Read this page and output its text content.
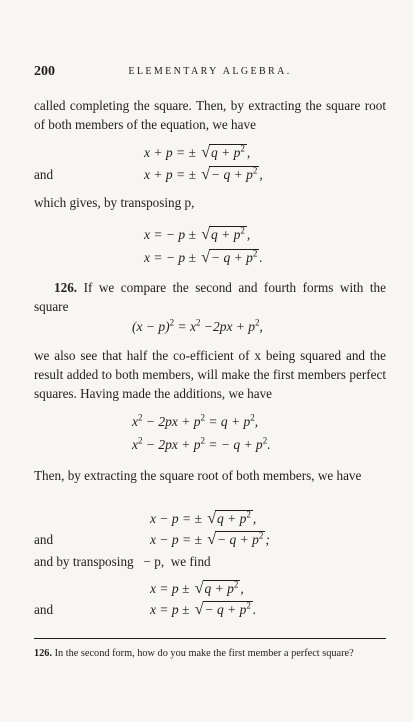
200	ELEMENTARY ALGEBRA.
called completing the square. Then, by extracting the square root of both members of the equation, we have
x + p = ± $√q + p^2$ ,
and	x + p = ± √− $q + p^2$ ,
which gives, by transposing p,
x = − $p \pm √q + p^2$ ,
x = − p ± √− $q + p^2$ .
126. If we compare the second and fourth forms with the square
$(x - p)^2 = x^2 -2px + p^2$,
we also see that half the co-efficient of x being squared and the result added to both members, will make the first members perfect squares. Having made the additions, we have
$x^2 - 2px + p^2 = q + p^2$,
$x^2 - 2px + p^2$ = − $q + p^2$.
Then, by extracting the square root of both members, we have
x − p = ± $√q + p^2$ ,
and	x − p = ± √− $q + p^2$ ;
and by transposing   − p,  we find
$x = p \pm √q + p^2$ ,
and	x = p ± √− $q + p^2$ .
126. In the second form, how do you make the first member a perfect square?
